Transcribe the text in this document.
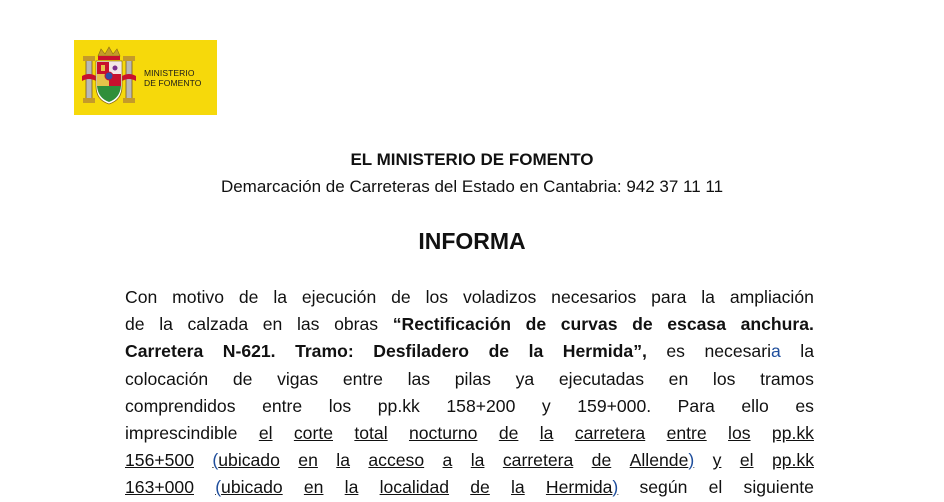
MINISTERIO
DE FOMENTO
EL MINISTERIO DE FOMENTO
Demarcación de Carreteras del Estado en Cantabria: 942 37 11 11
INFORMA
Con motivo de la ejecución de los voladizos necesarios para la ampliación
de la calzada en las obras “Rectificación de curvas de escasa anchura.
Carretera N-621. Tramo: Desfiladero de la Hermida”, es necesaria la
colocación de vigas entre las pilas ya ejecutadas en los tramos
comprendidos entre los pp.kk 158+200 y 159+000. Para ello es
imprescindible el corte total nocturno de la carretera entre los pp.kk
156+500 (ubicado en la acceso a la carretera de Allende) y el pp.kk
163+000 (ubicado en la localidad de la Hermida) según el siguiente
